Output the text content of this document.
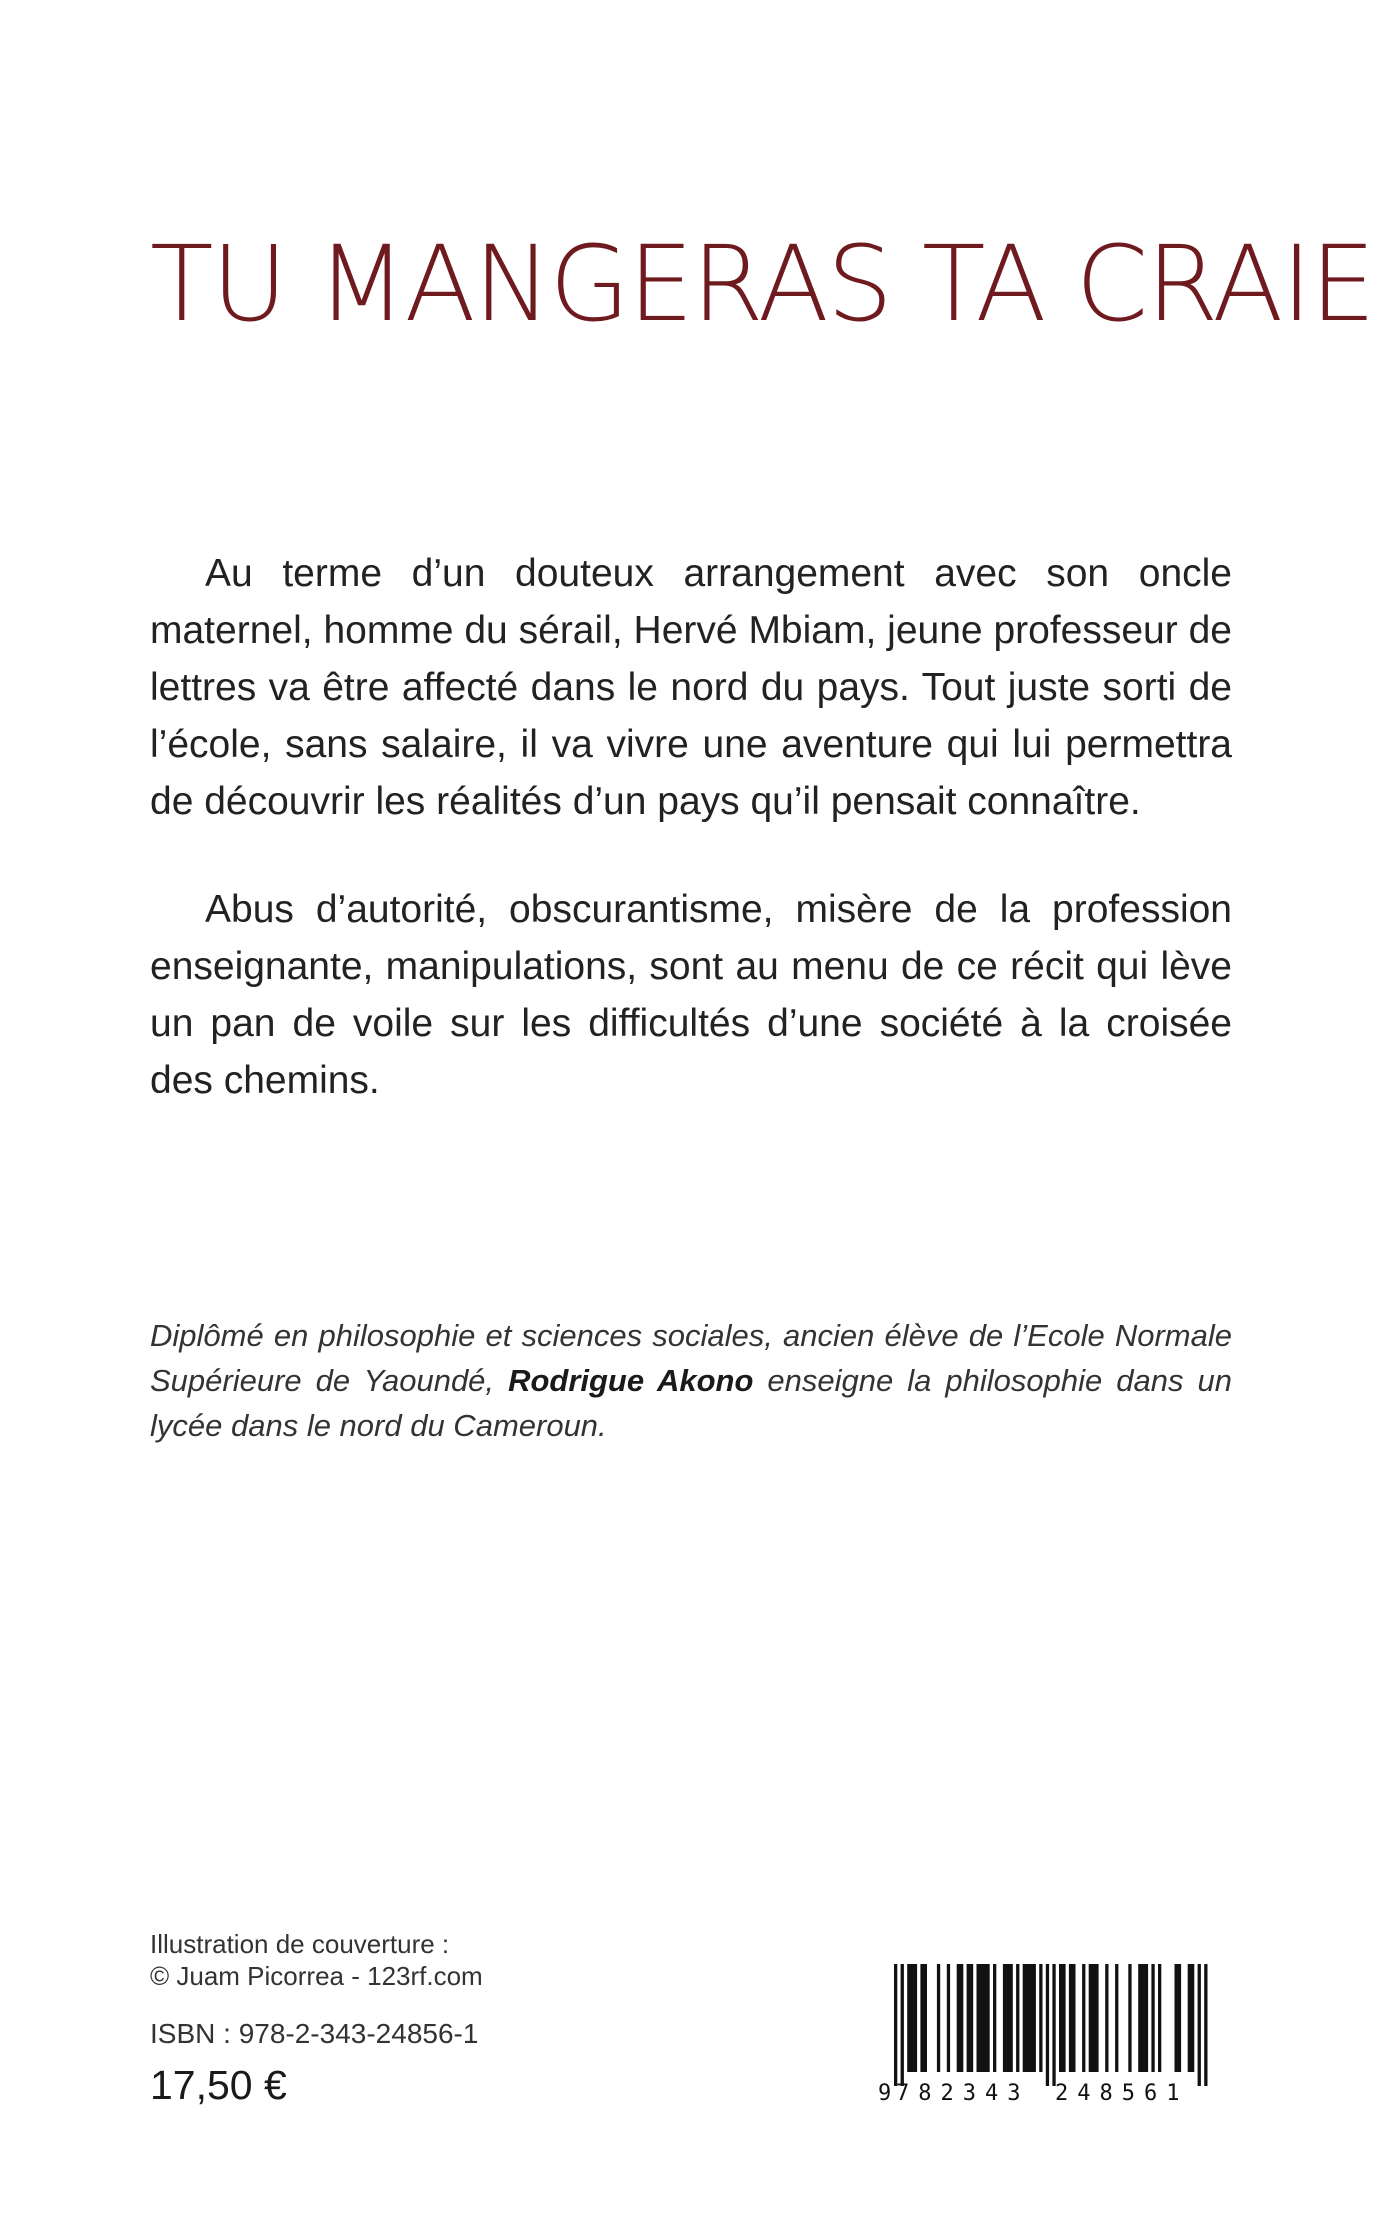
TU MANGERAS TA CRAIE

Au terme d’un douteux arrangement avec son oncle maternel, homme du sérail, Hervé Mbiam, jeune professeur de lettres va être affecté dans le nord du pays. Tout juste sorti de l’école, sans salaire, il va vivre une aventure qui lui permettra de découvrir les réalités d’un pays qu’il pensait connaître.

Abus d’autorité, obscurantisme, misère de la profession enseignante, manipulations, sont au menu de ce récit qui lève un pan de voile sur les difficultés d’une société à la croisée des chemins.

Diplômé en philosophie et sciences sociales, ancien élève de l’Ecole Normale Supérieure de Yaoundé, Rodrigue Akono enseigne la philosophie dans un lycée dans le nord du Cameroun.

Illustration de couverture :
© Juam Picorrea - 123rf.com
ISBN : 978-2-343-24856-1
17,50 €	9 782343 248561
